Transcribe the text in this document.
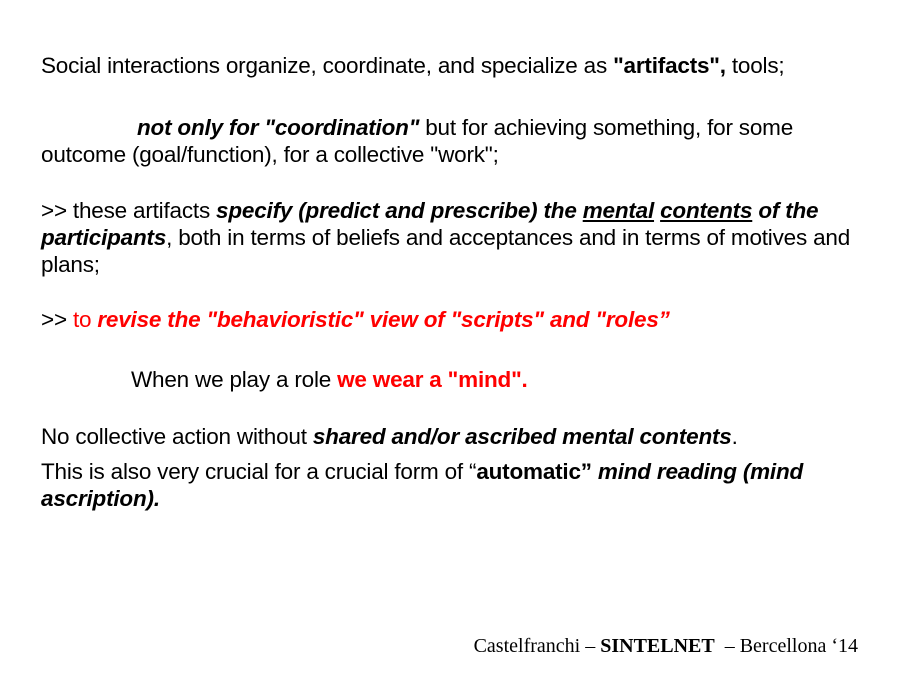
Social interactions organize, coordinate, and specialize as "artifacts", tools;

not only for "coordination" but for achieving something, for some outcome (goal/function), for a collective "work";

>> these artifacts specify (predict and prescribe) the mental contents of the participants, both in terms of beliefs and acceptances and in terms of motives and plans;

>> to revise the "behavioristic" view of "scripts" and "roles”

When we play a role we wear a "mind".

No collective action without shared and/or ascribed mental contents.

This is also very crucial for a crucial form of “automatic” mind reading (mind ascription).

Castelfranchi – SINTELNET  – Bercellona ‘14
